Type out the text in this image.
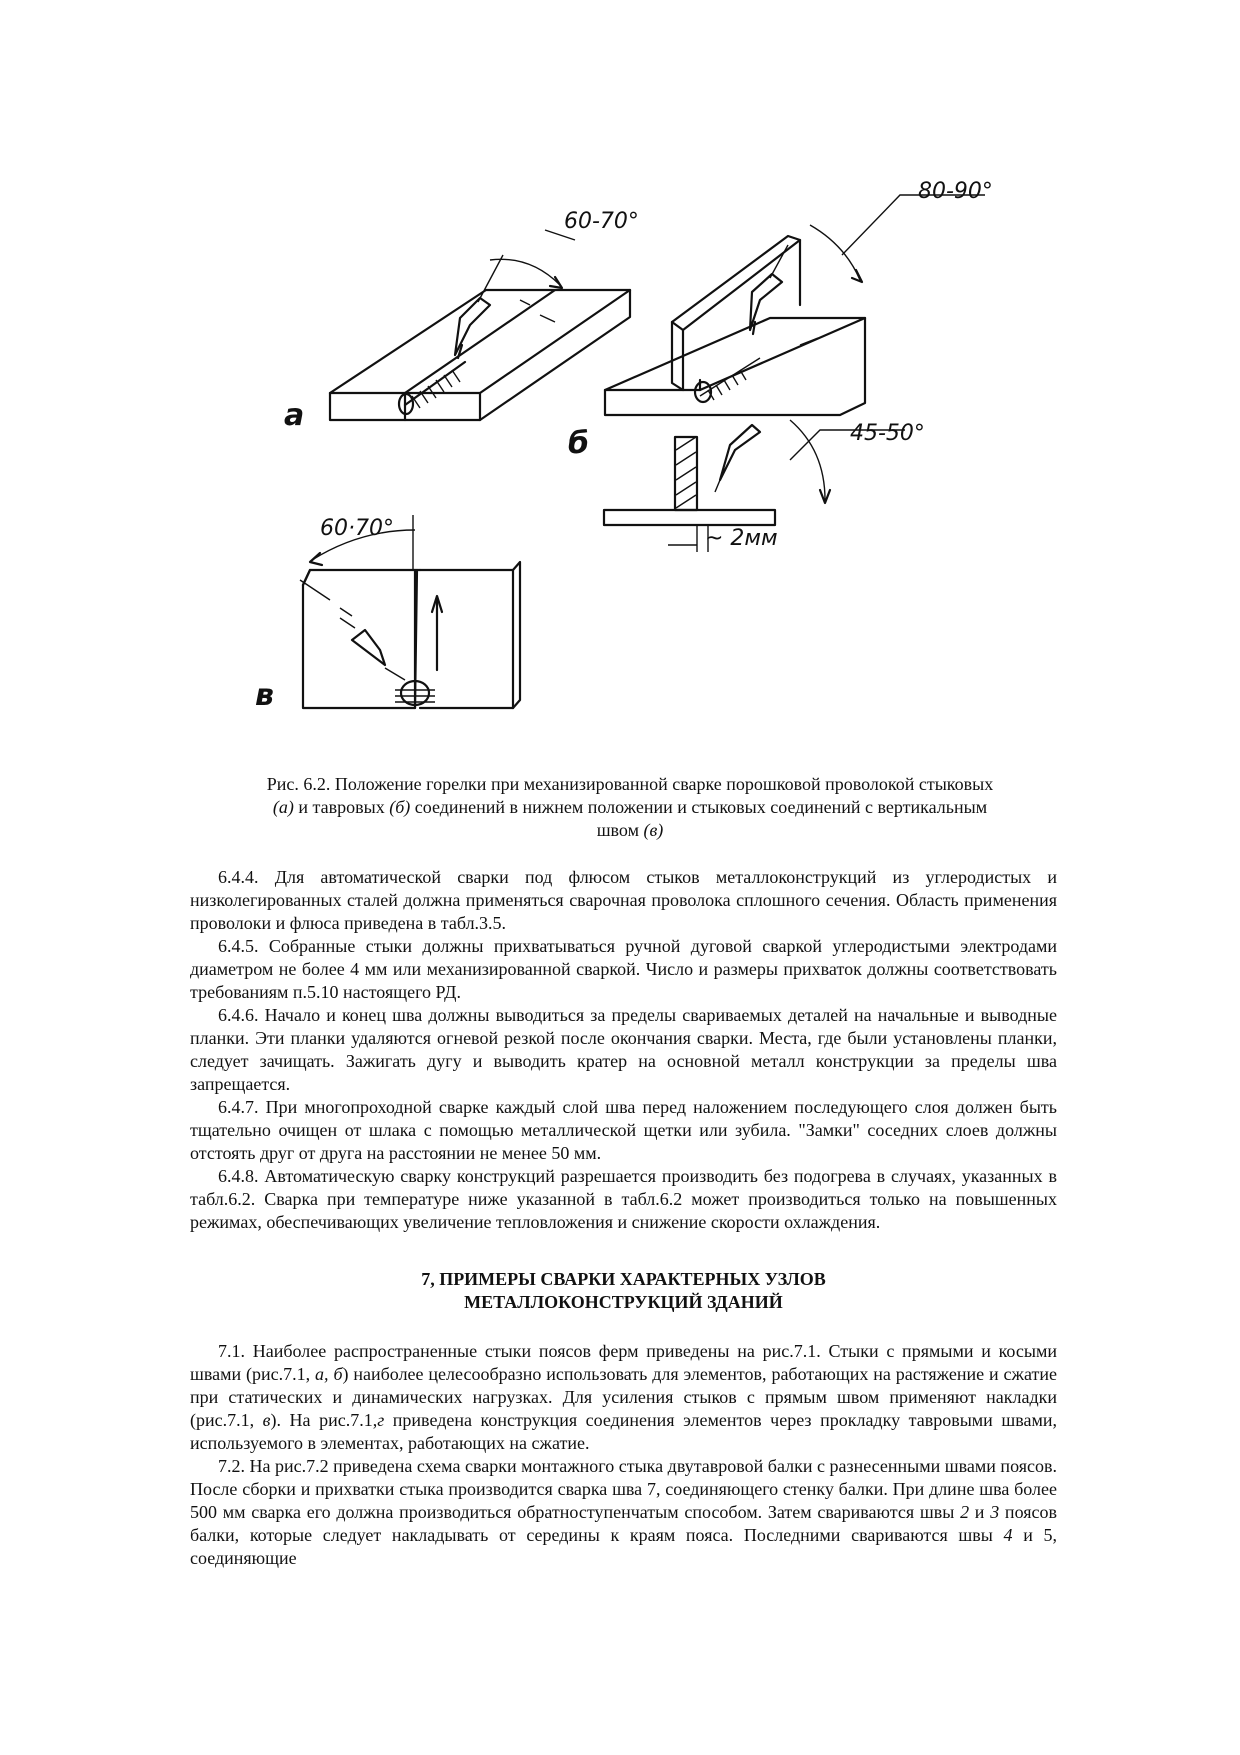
60-70°
а
80-90°
45-50°
~ 2мм
б
60·70°
в
Рис. 6.2. Положение горелки при механизированной сварке порошковой проволокой стыковых
(а) и тавровых (б) соединений в нижнем положении и стыковых соединений с вертикальным
швом (в)

6.4.4. Для автоматической сварки под флюсом стыков металлоконструкций из углеродистых и низколегированных сталей должна применяться сварочная проволока сплошного сечения. Область применения проволоки и флюса приведена в табл.3.5.

6.4.5. Собранные стыки должны прихватываться ручной дуговой сваркой углеродистыми электродами диаметром не более 4 мм или механизированной сваркой. Число и размеры прихваток должны соответствовать требованиям п.5.10 настоящего РД.

6.4.6. Начало и конец шва должны выводиться за пределы свариваемых деталей на начальные и выводные планки. Эти планки удаляются огневой резкой после окончания сварки. Места, где были установлены планки, следует зачищать. Зажигать дугу и выводить кратер на основной металл конструкции за пределы шва запрещается.

6.4.7. При многопроходной сварке каждый слой шва перед наложением последующего слоя должен быть тщательно очищен от шлака с помощью металлической щетки или зубила. "Замки" соседних слоев должны отстоять друг от друга на расстоянии не менее 50 мм.

6.4.8. Автоматическую сварку конструкций разрешается производить без подогрева в случаях, указанных в табл.6.2. Сварка при температуре ниже указанной в табл.6.2 может производиться только на повышенных режимах, обеспечивающих увеличение тепловложения и снижение скорости охлаждения.

7, ПРИМЕРЫ СВАРКИ ХАРАКТЕРНЫХ УЗЛОВ
МЕТАЛЛОКОНСТРУКЦИЙ ЗДАНИЙ

7.1. Наиболее распространенные стыки поясов ферм приведены на рис.7.1. Стыки с прямыми и косыми швами (рис.7.1, а, б) наиболее целесообразно использовать для элементов, работающих на растяжение и сжатие при статических и динамических нагрузках. Для усиления стыков с прямым швом применяют накладки (рис.7.1, в). На рис.7.1,г приведена конструкция соединения элементов через прокладку тавровыми швами, используемого в элементах, работающих на сжатие.

7.2. На рис.7.2 приведена схема сварки монтажного стыка двутавровой балки с разнесенными швами поясов. После сборки и прихватки стыка производится сварка шва 7, соединяющего стенку балки. При длине шва более 500 мм сварка его должна производиться обратноступенчатым способом. Затем свариваются швы 2 и 3 поясов балки, которые следует накладывать от середины к краям пояса. Последними свариваются швы 4 и 5, соединяющие
